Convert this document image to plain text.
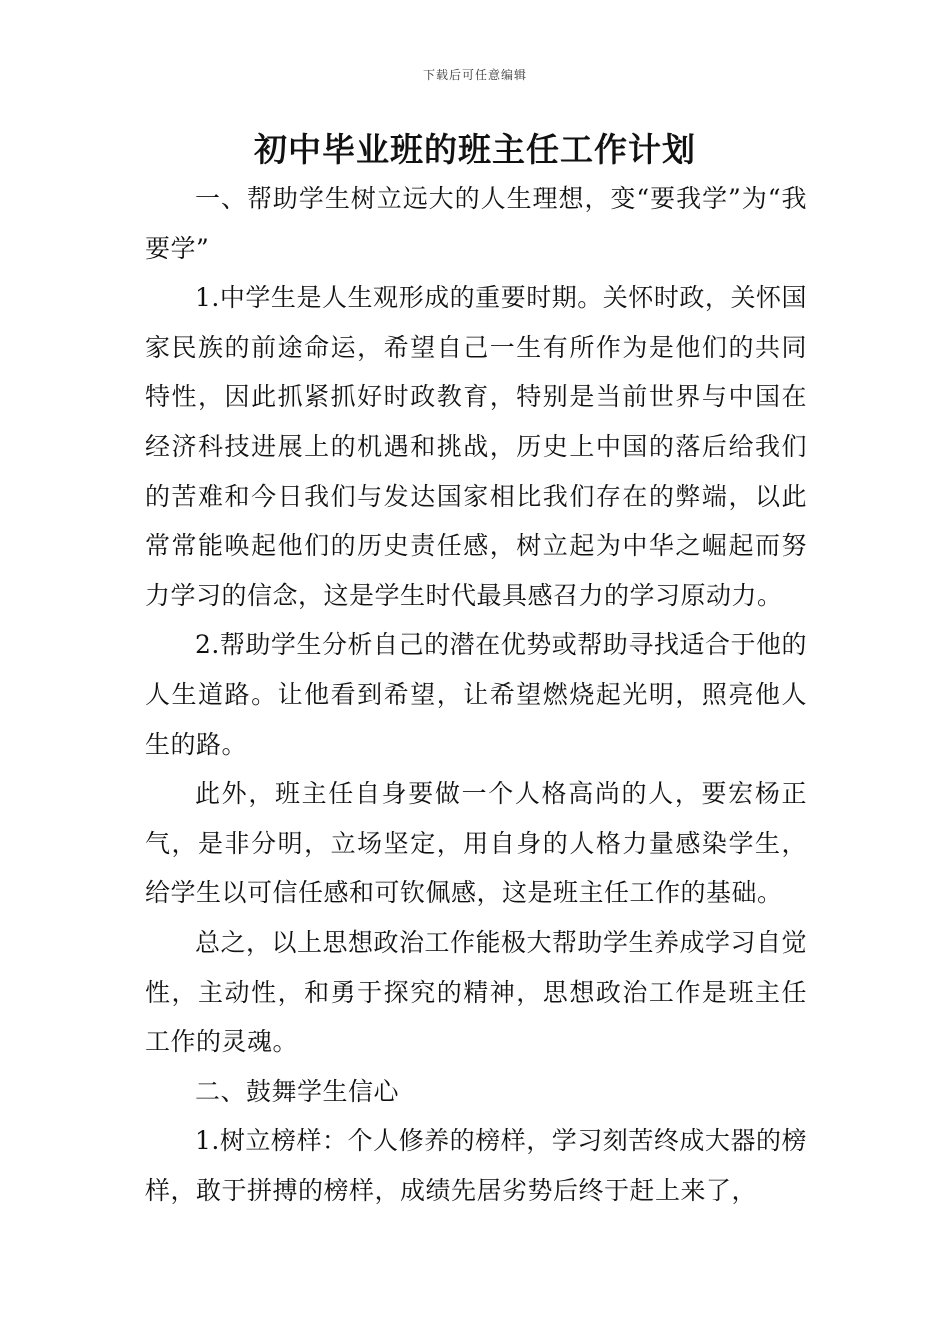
下载后可任意编辑
初中毕业班的班主任工作计划

一、帮助学生树立远大的人生理想，变“要我学”为“我要学”

1.中学生是人生观形成的重要时期。关怀时政，关怀国家民族的前途命运，希望自己一生有所作为是他们的共同特性，因此抓紧抓好时政教育，特别是当前世界与中国在经济科技进展上的机遇和挑战，历史上中国的落后给我们的苦难和今日我们与发达国家相比我们存在的弊端，以此常常能唤起他们的历史责任感，树立起为中华之崛起而努力学习的信念，这是学生时代最具感召力的学习原动力。

2.帮助学生分析自己的潜在优势或帮助寻找适合于他的人生道路。让他看到希望，让希望燃烧起光明，照亮他人生的路。

此外，班主任自身要做一个人格高尚的人，要宏杨正气，是非分明，立场坚定，用自身的人格力量感染学生，给学生以可信任感和可钦佩感，这是班主任工作的基础。

总之，以上思想政治工作能极大帮助学生养成学习自觉性，主动性，和勇于探究的精神，思想政治工作是班主任工作的灵魂。

二、鼓舞学生信心

1.树立榜样：个人修养的榜样，学习刻苦终成大器的榜样，敢于拼搏的榜样，成绩先居劣势后终于赶上来了，
